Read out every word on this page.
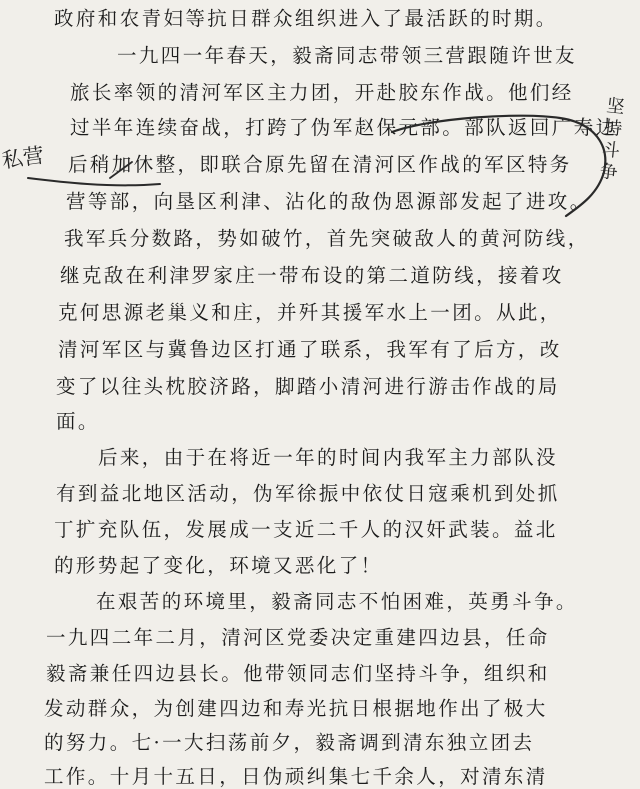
政府和农青妇等抗日群众组织进入了最活跃的时期。
一九四一年春天，毅斋同志带领三营跟随许世友
旅长率领的清河军区主力团，开赴胶东作战。他们经
过半年连续奋战，打跨了伪军赵保元部。部队返回广寿边
后稍加休整，即联合原先留在清河区作战的军区特务
营等部，向垦区利津、沾化的敌伪恩源部发起了进攻。
我军兵分数路，势如破竹，首先突破敌人的黄河防线，
继克敌在利津罗家庄一带布设的第二道防线，接着攻
克何思源老巢义和庄，并歼其援军水上一团。从此，
清河军区与冀鲁边区打通了联系，我军有了后方，改
变了以往头枕胶济路，脚踏小清河进行游击作战的局
面。
后来，由于在将近一年的时间内我军主力部队没
有到益北地区活动，伪军徐振中依仗日寇乘机到处抓
丁扩充队伍，发展成一支近二千人的汉奸武装。益北
的形势起了变化，环境又恶化了！
在艰苦的环境里，毅斋同志不怕困难，英勇斗争。
一九四二年二月，清河区党委决定重建四边县，任命
毅斋兼任四边县长。他带领同志们坚持斗争，组织和
发动群众，为创建四边和寿光抗日根据地作出了极大
的努力。七·一大扫荡前夕，毅斋调到清东独立团去
工作。十月十五日，日伪顽纠集七千余人，对清东清
私营	坚持斗争
